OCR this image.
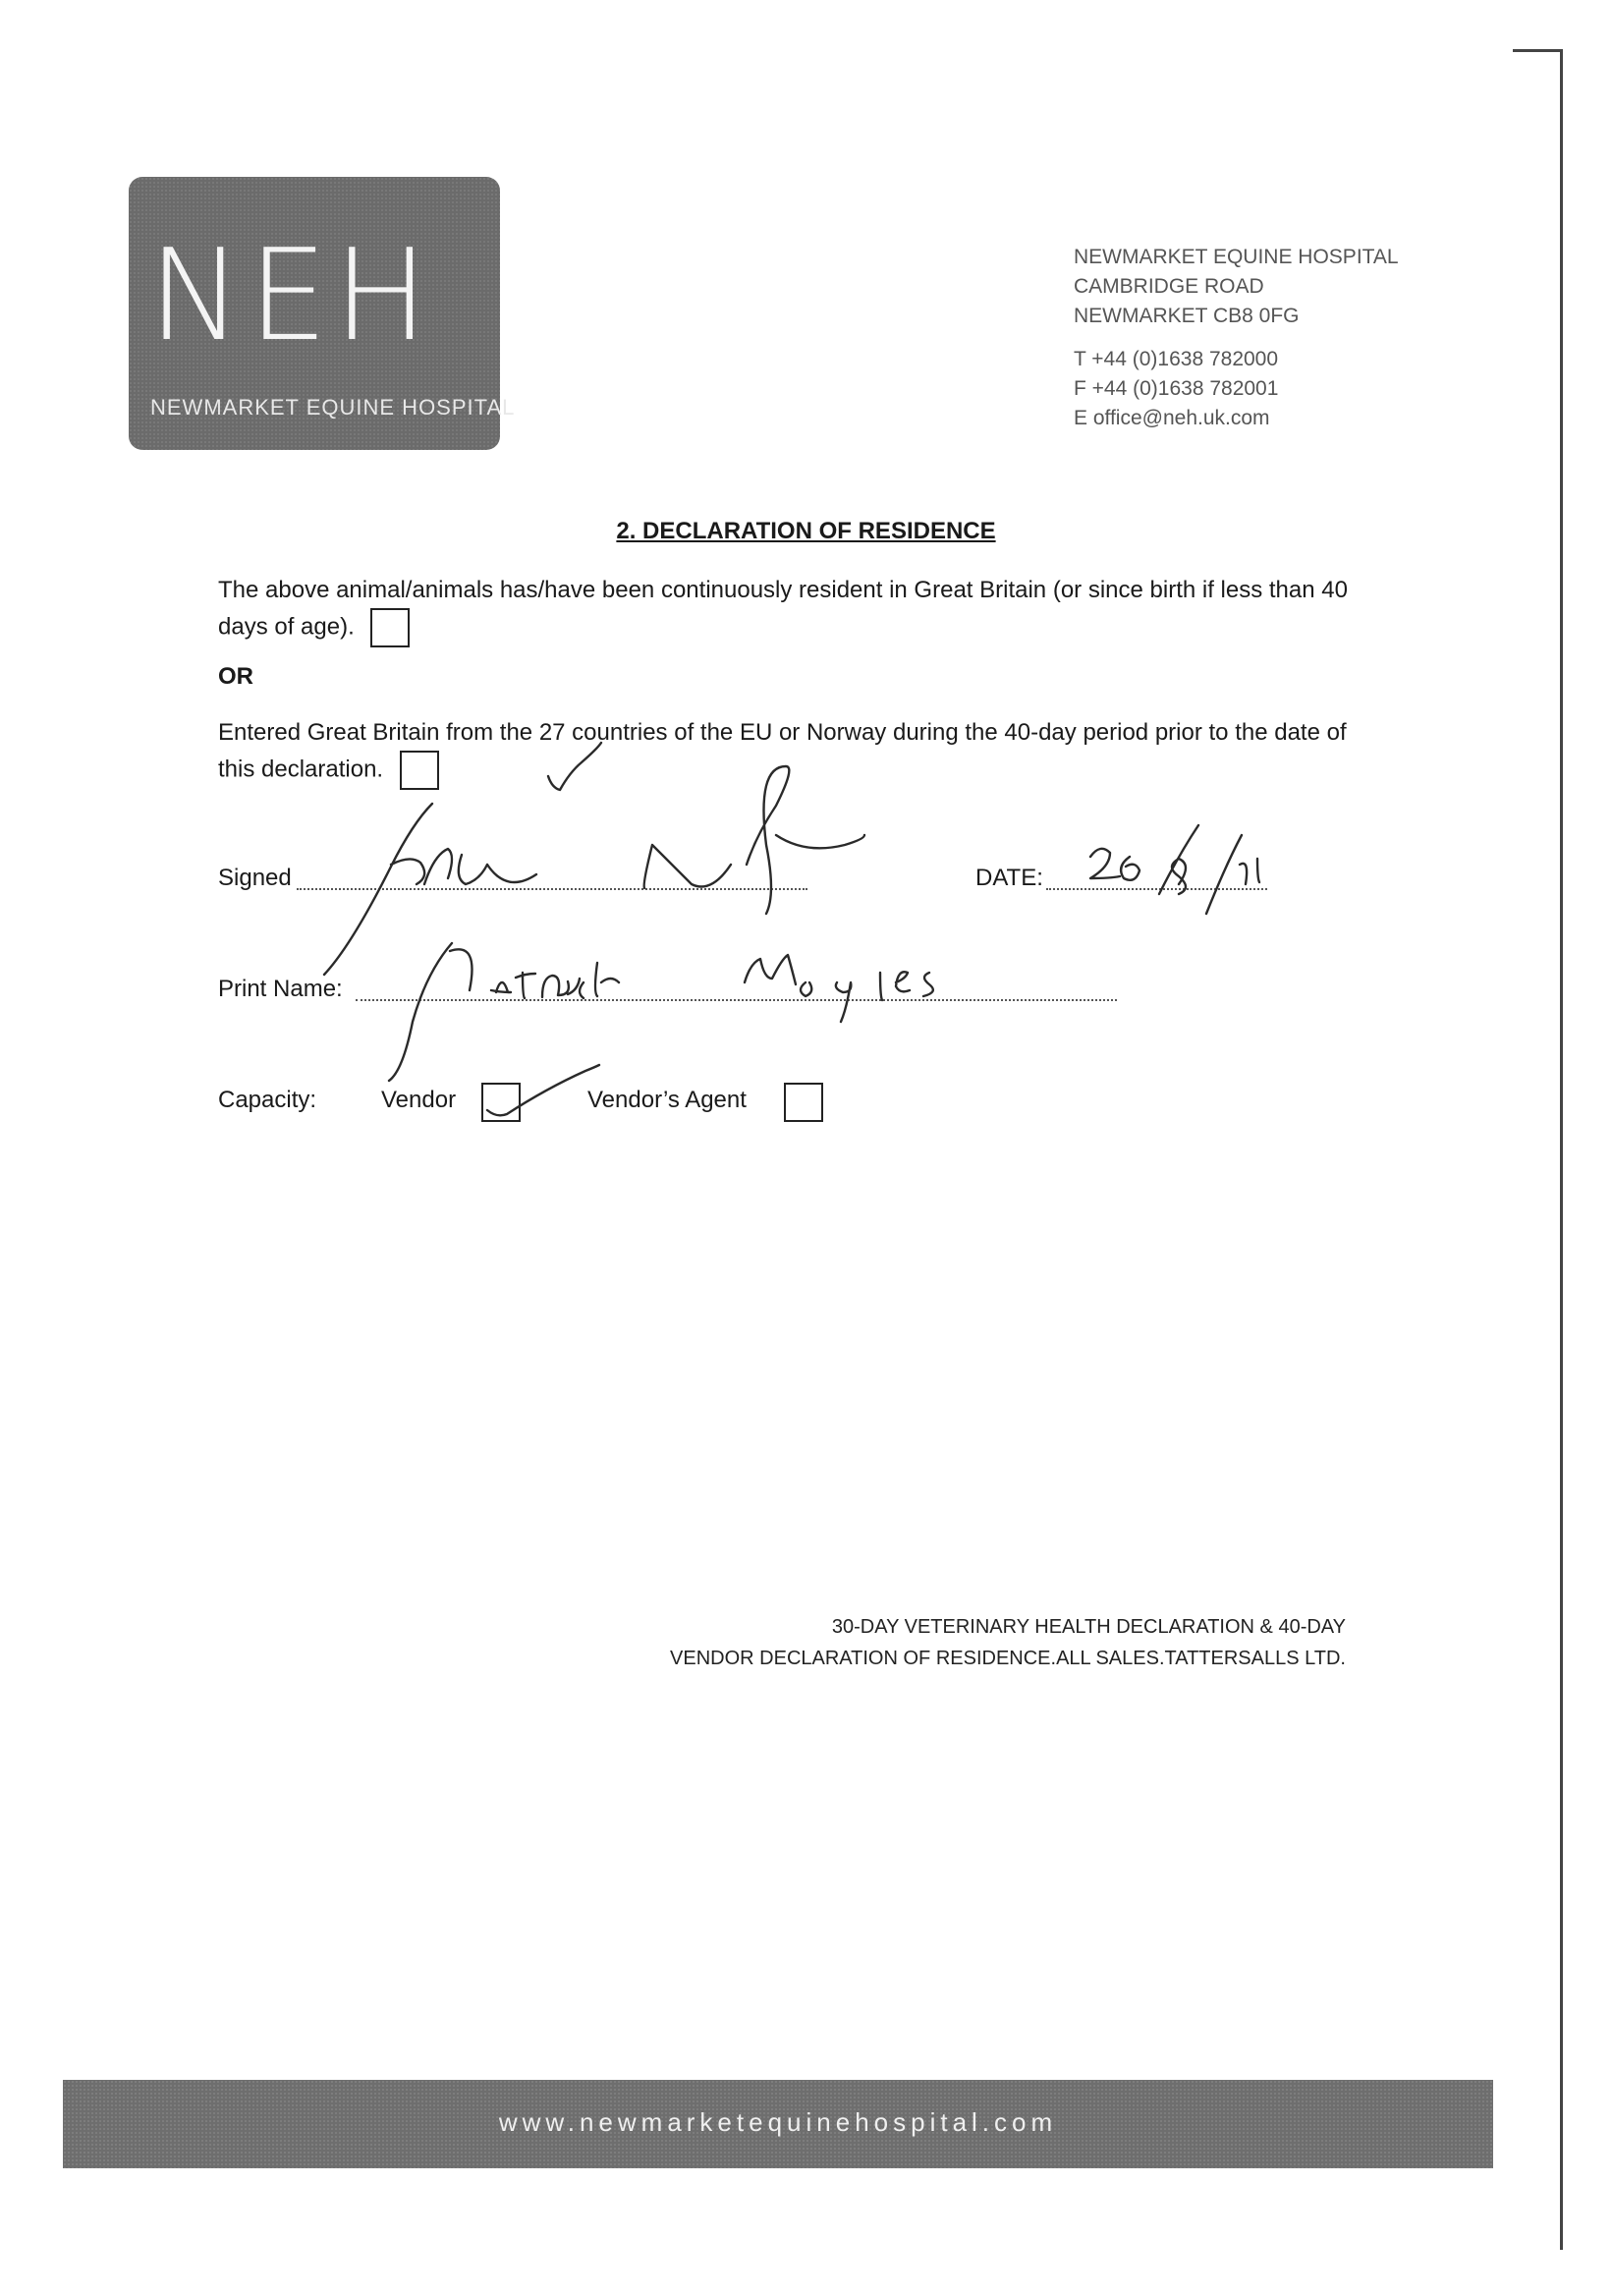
NEH
NEWMARKET EQUINE HOSPITAL
NEWMARKET EQUINE HOSPITAL
CAMBRIDGE ROAD
NEWMARKET CB8 0FG
T +44 (0)1638 782000
F +44 (0)1638 782001
E office@neh.uk.com
2. DECLARATION OF RESIDENCE
The above animal/animals has/have been continuously resident in Great Britain (or since birth if less than 40 days of age).
OR
Entered Great Britain from the 27 countries of the EU or Norway during the 40-day period prior to the date of this declaration.
Signed	DATE:
Print Name:
Capacity:	Vendor	Vendor’s Agent
30-DAY VETERINARY HEALTH DECLARATION & 40-DAY
VENDOR DECLARATION OF RESIDENCE.ALL SALES.TATTERSALLS LTD.
www.newmarketequinehospital.com
